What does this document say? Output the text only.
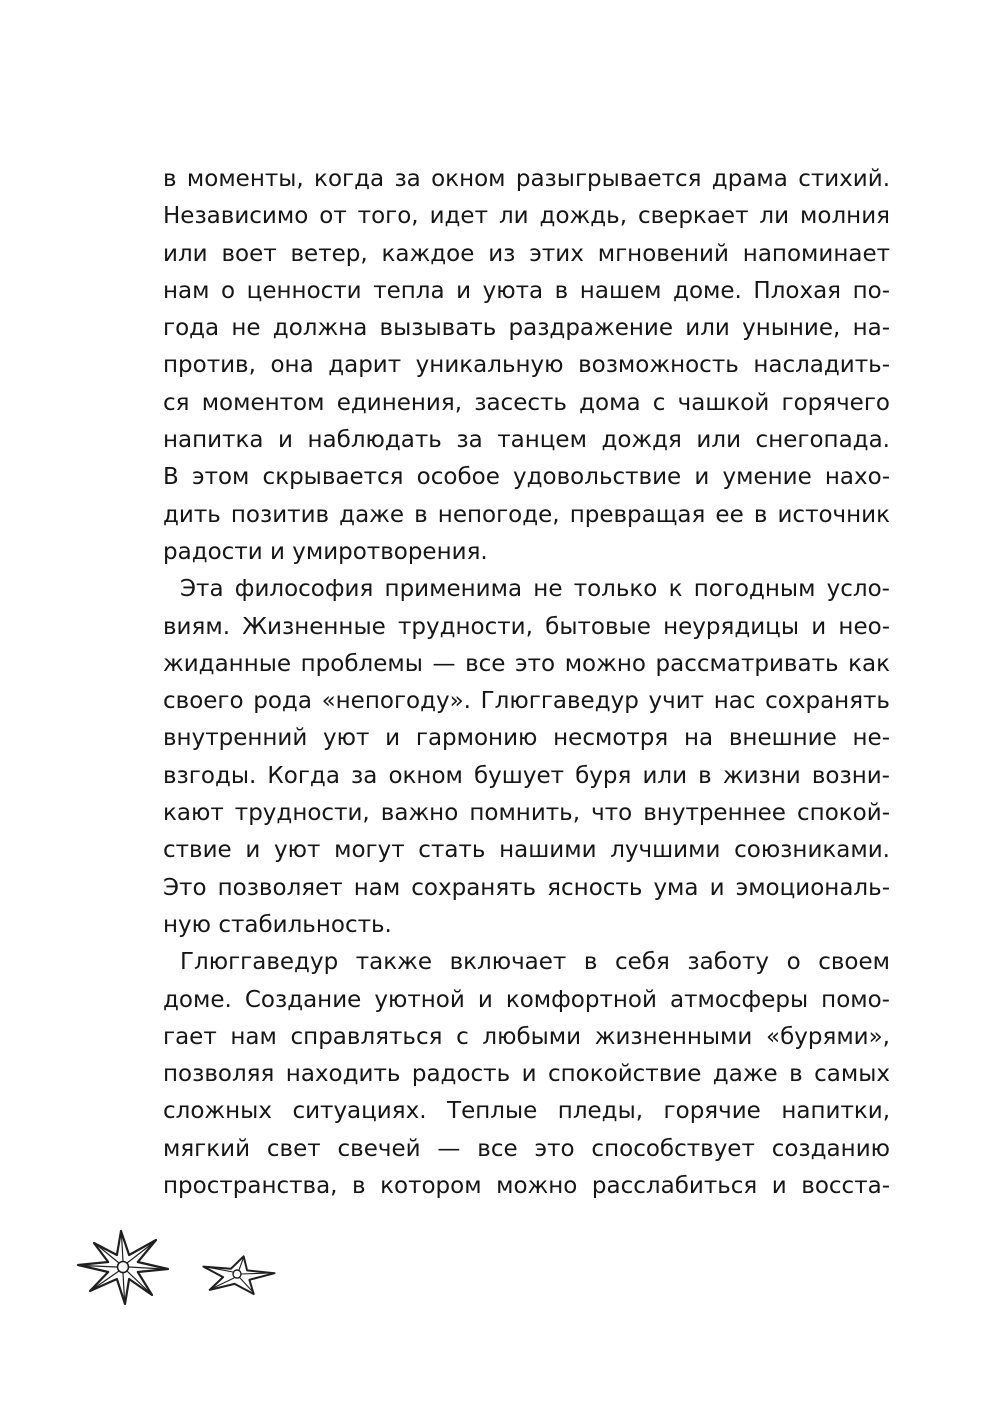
в моменты, когда за окном разыгрывается драма стихий.
Независимо от того, идет ли дождь, сверкает ли молния
или воет ветер, каждое из этих мгновений напоминает
нам о ценности тепла и уюта в нашем доме. Плохая по-
года не должна вызывать раздражение или уныние, на-
против, она дарит уникальную возможность насладить-
ся моментом единения, засесть дома с чашкой горячего
напитка и наблюдать за танцем дождя или снегопада.
В этом скрывается особое удовольствие и умение нахо-
дить позитив даже в непогоде, превращая ее в источник
радости и умиротворения.
Эта философия применима не только к погодным усло-
виям. Жизненные трудности, бытовые неурядицы и нео-
жиданные проблемы — все это можно рассматривать как
своего рода «непогоду». Глюггаведур учит нас сохранять
внутренний уют и гармонию несмотря на внешние не-
взгоды. Когда за окном бушует буря или в жизни возни-
кают трудности, важно помнить, что внутреннее спокой-
ствие и уют могут стать нашими лучшими союзниками.
Это позволяет нам сохранять ясность ума и эмоциональ-
ную стабильность.
Глюггаведур также включает в себя заботу о своем
доме. Создание уютной и комфортной атмосферы помо-
гает нам справляться с любыми жизненными «бурями»,
позволяя находить радость и спокойствие даже в самых
сложных ситуациях. Теплые пледы, горячие напитки,
мягкий свет свечей — все это способствует созданию
пространства, в котором можно расслабиться и восста-
